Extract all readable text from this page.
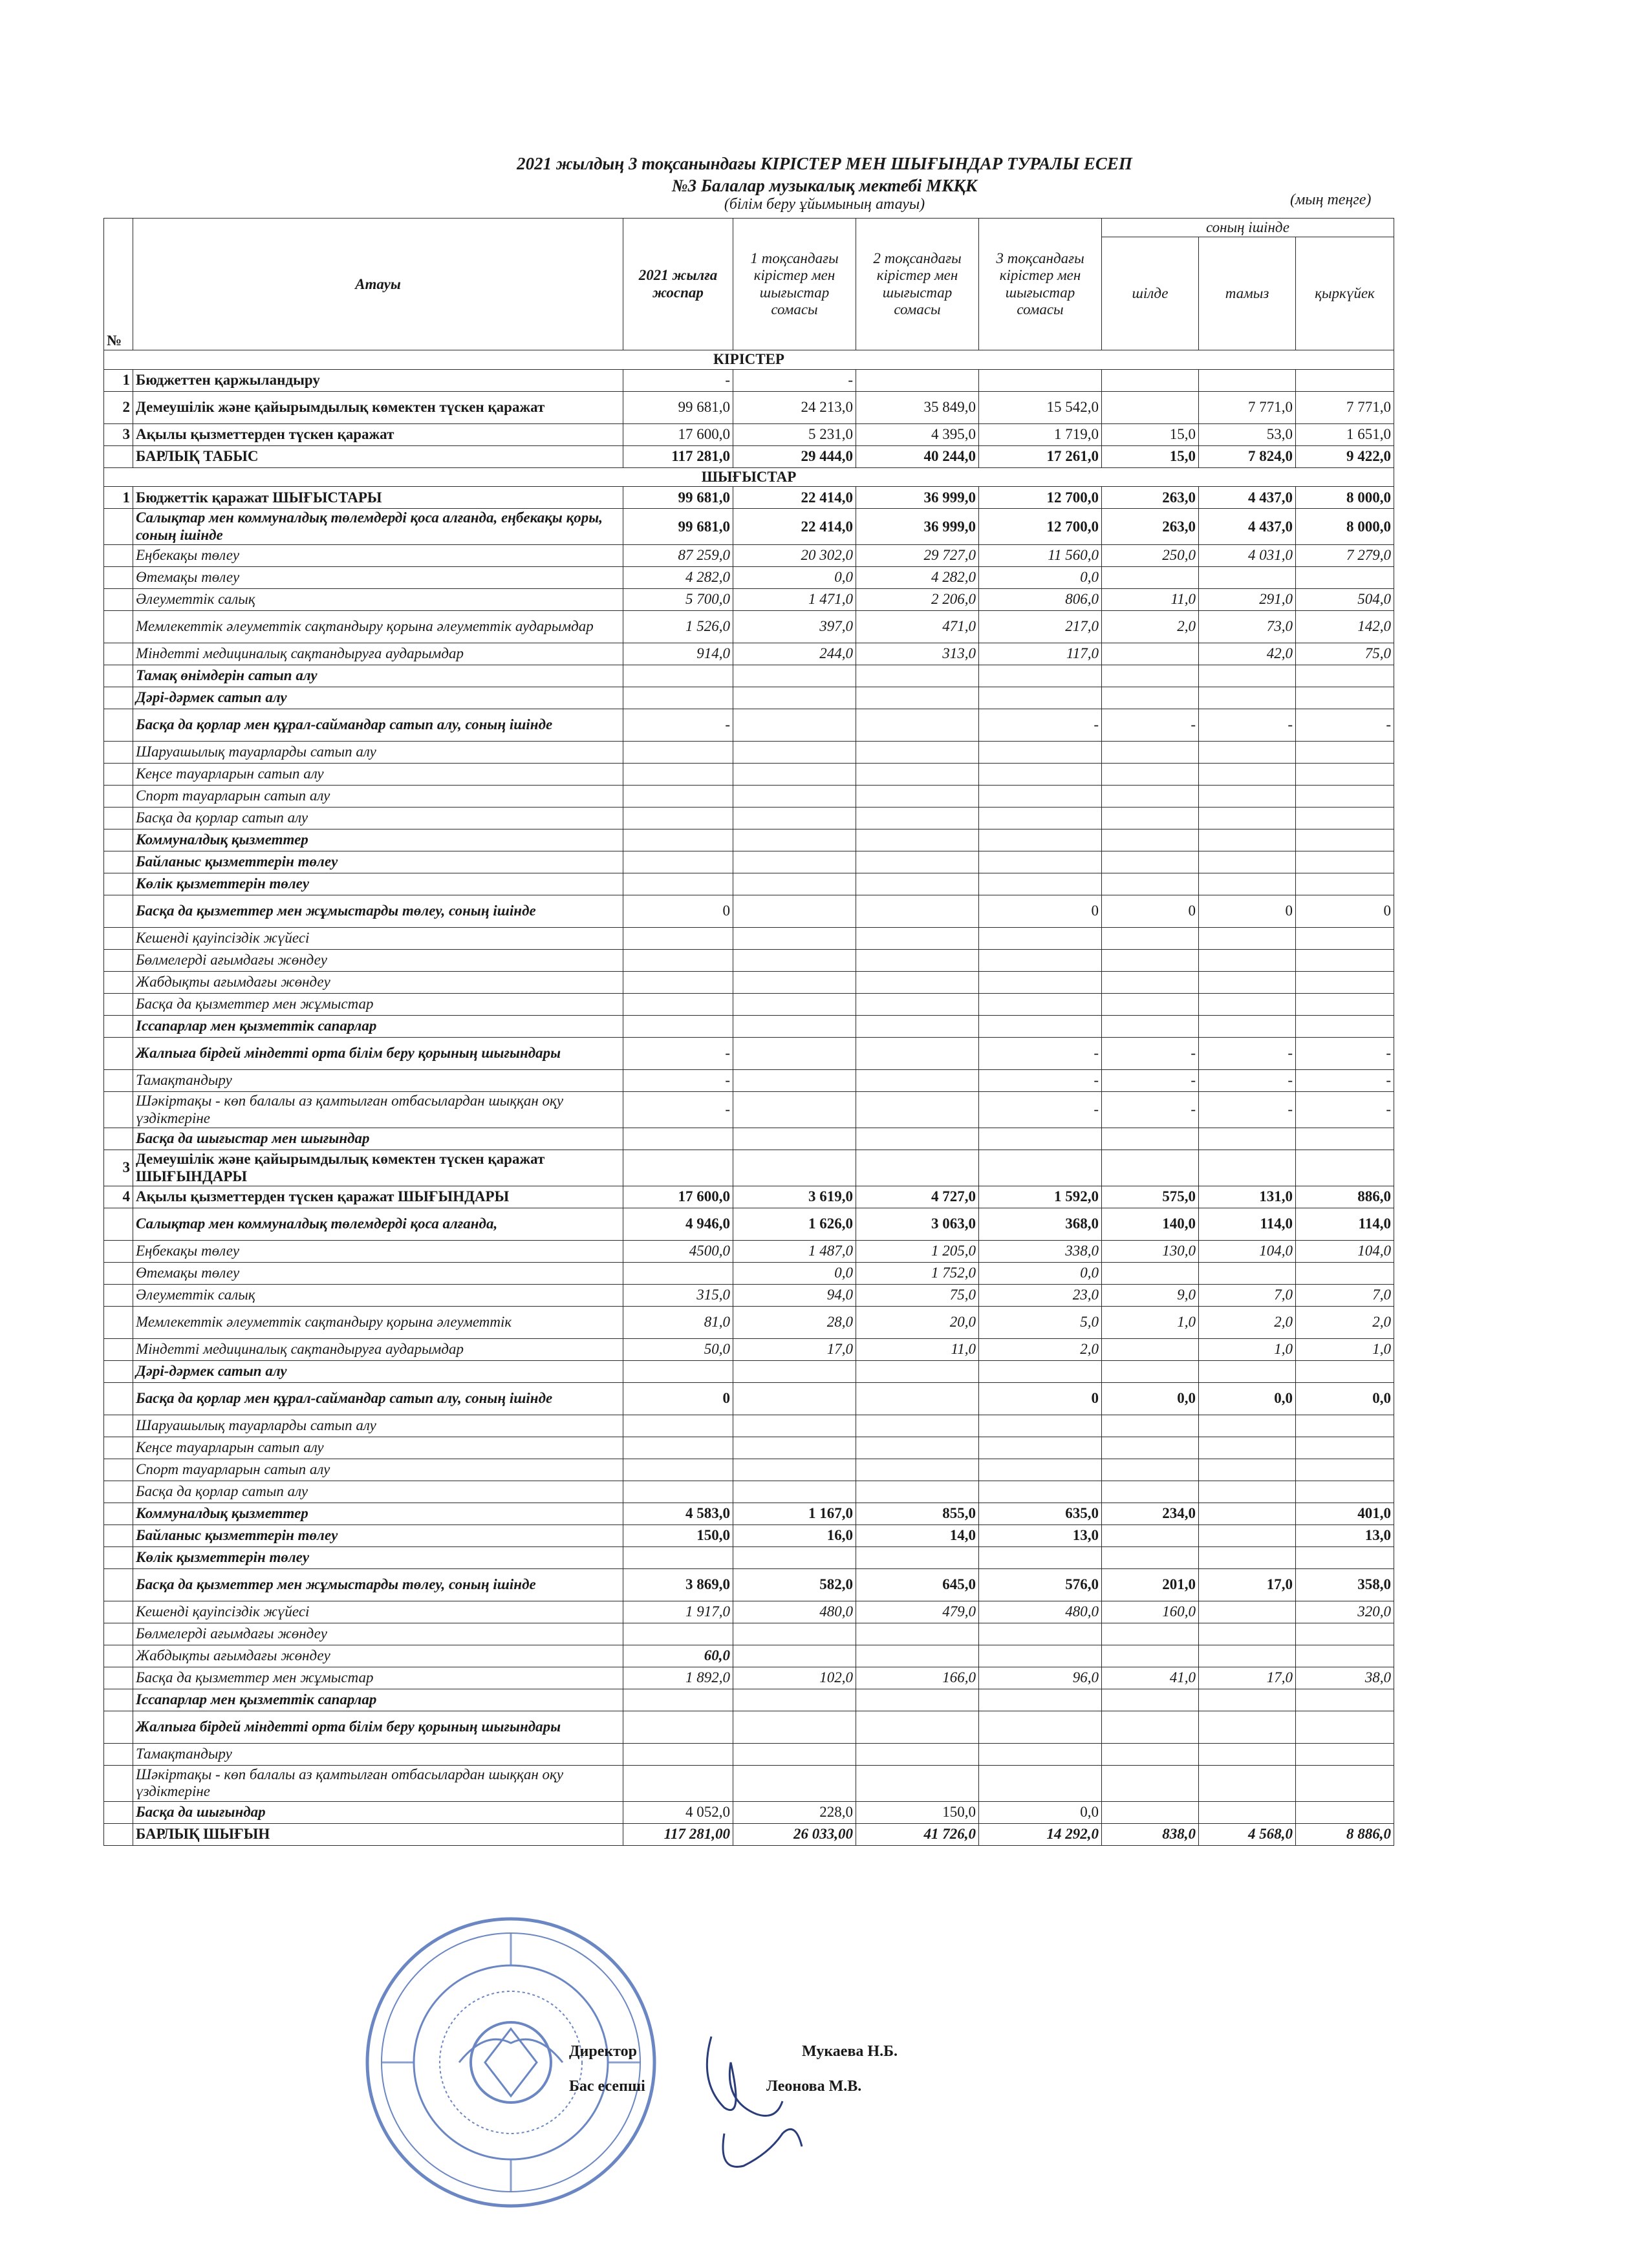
2021 жылдың 3 тоқсанындағы КІРІСТЕР МЕН ШЫҒЫНДАР ТУРАЛЫ ЕСЕП
№3 Балалар музыкалық мектебі МКҚК
(білім беру ұйымының атауы)	(мың теңге)
№	Атауы	2021 жылға жоспар	1 тоқсандағы кірістер мен шығыстар сомасы	2 тоқсандағы кірістер мен шығыстар сомасы	3 тоқсандағы кірістер мен шығыстар сомасы	соның ішінде		
						шілде	тамыз	қыркүйек
КІРІСТЕР								
1	Бюджеттен қаржыландыру	-	-					
2	Демеушілік және қайырымдылық көмектен түскен қаражат	99 681,0	24 213,0	35 849,0	15 542,0		7 771,0	7 771,0
3	Ақылы қызметтерден түскен қаражат	17 600,0	5 231,0	4 395,0	1 719,0	15,0	53,0	1 651,0
	БАРЛЫҚ ТАБЫС	117 281,0	29 444,0	40 244,0	17 261,0	15,0	7 824,0	9 422,0
ШЫҒЫСТАР								
1	Бюджеттік қаражат ШЫҒЫСТАРЫ	99 681,0	22 414,0	36 999,0	12 700,0	263,0	4 437,0	8 000,0
	Салықтар мен коммуналдық төлемдерді қоса алғанда, еңбекақы қоры, соның ішінде	99 681,0	22 414,0	36 999,0	12 700,0	263,0	4 437,0	8 000,0
	Еңбекақы төлеу	87 259,0	20 302,0	29 727,0	11 560,0	250,0	4 031,0	7 279,0
	Өтемақы төлеу	4 282,0	0,0	4 282,0	0,0			
	Әлеуметтік салық	5 700,0	1 471,0	2 206,0	806,0	11,0	291,0	504,0
	Мемлекеттік әлеуметтік сақтандыру қорына әлеуметтік аударымдар	1 526,0	397,0	471,0	217,0	2,0	73,0	142,0
	Міндетті медициналық сақтандыруға аударымдар	914,0	244,0	313,0	117,0		42,0	75,0
	Тамақ өнімдерін сатып алу							
	Дәрі-дәрмек сатып алу							
	Басқа да қорлар мен құрал-саймандар сатып алу, соның ішінде	-			-	-	-	-
	Шаруашылық тауарларды сатып алу							
	Кеңсе тауарларын сатып алу							
	Спорт тауарларын сатып алу							
	Басқа да қорлар сатып алу							
	Коммуналдық қызметтер							
	Байланыс қызметтерін төлеу							
	Көлік қызметтерін төлеу							
	Басқа да қызметтер мен жұмыстарды төлеу, соның ішінде	0			0	0	0	0
	Кешенді қауіпсіздік жүйесі							
	Бөлмелерді ағымдағы жөндеу							
	Жабдықты ағымдағы жөндеу							
	Басқа да қызметтер мен жұмыстар							
	Іссапарлар мен қызметтік сапарлар							
	Жалпыға бірдей міндетті орта білім беру қорының шығындары	-			-	-	-	-
	Тамақтандыру	-			-	-	-	-
	Шәкіртақы - көп балалы аз қамтылған отбасылардан шыққан оқу үздіктеріне	-			-	-	-	-
	Басқа да шығыстар мен шығындар							
3	Демеушілік және қайырымдылық көмектен түскен қаражат ШЫҒЫНДАРЫ							
4	Ақылы қызметтерден түскен қаражат ШЫҒЫНДАРЫ	17 600,0	3 619,0	4 727,0	1 592,0	575,0	131,0	886,0
	Салықтар мен коммуналдық төлемдерді қоса алғанда,	4 946,0	1 626,0	3 063,0	368,0	140,0	114,0	114,0
	Еңбекақы төлеу	4500,0	1 487,0	1 205,0	338,0	130,0	104,0	104,0
	Өтемақы төлеу		0,0	1 752,0	0,0			
	Әлеуметтік салық	315,0	94,0	75,0	23,0	9,0	7,0	7,0
	Мемлекеттік әлеуметтік сақтандыру қорына әлеуметтік	81,0	28,0	20,0	5,0	1,0	2,0	2,0
	Міндетті медициналық сақтандыруға аударымдар	50,0	17,0	11,0	2,0		1,0	1,0
	Дәрі-дәрмек сатып алу							
	Басқа да қорлар мен құрал-саймандар сатып алу, соның ішінде	0			0	0,0	0,0	0,0
	Шаруашылық тауарларды сатып алу							
	Кеңсе тауарларын сатып алу							
	Спорт тауарларын сатып алу							
	Басқа да қорлар сатып алу							
	Коммуналдық қызметтер	4 583,0	1 167,0	855,0	635,0	234,0		401,0
	Байланыс қызметтерін төлеу	150,0	16,0	14,0	13,0			13,0
	Көлік қызметтерін төлеу							
	Басқа да қызметтер мен жұмыстарды төлеу, соның ішінде	3 869,0	582,0	645,0	576,0	201,0	17,0	358,0
	Кешенді қауіпсіздік жүйесі	1 917,0	480,0	479,0	480,0	160,0		320,0
	Бөлмелерді ағымдағы жөндеу							
	Жабдықты ағымдағы жөндеу	60,0						
	Басқа да қызметтер мен жұмыстар	1 892,0	102,0	166,0	96,0	41,0	17,0	38,0
	Іссапарлар мен қызметтік сапарлар							
	Жалпыға бірдей міндетті орта білім беру қорының шығындары							
	Тамақтандыру							
	Шәкіртақы - көп балалы аз қамтылған отбасылардан шыққан оқу үздіктеріне							
	Басқа да шығындар	4 052,0	228,0	150,0	0,0			
	БАРЛЫҚ ШЫҒЫН	117 281,00	26 033,00	41 726,0	14 292,0	838,0	4 568,0	8 886,0
Директор	Мукаева Н.Б.
Бас есепші	Леонова М.В.
